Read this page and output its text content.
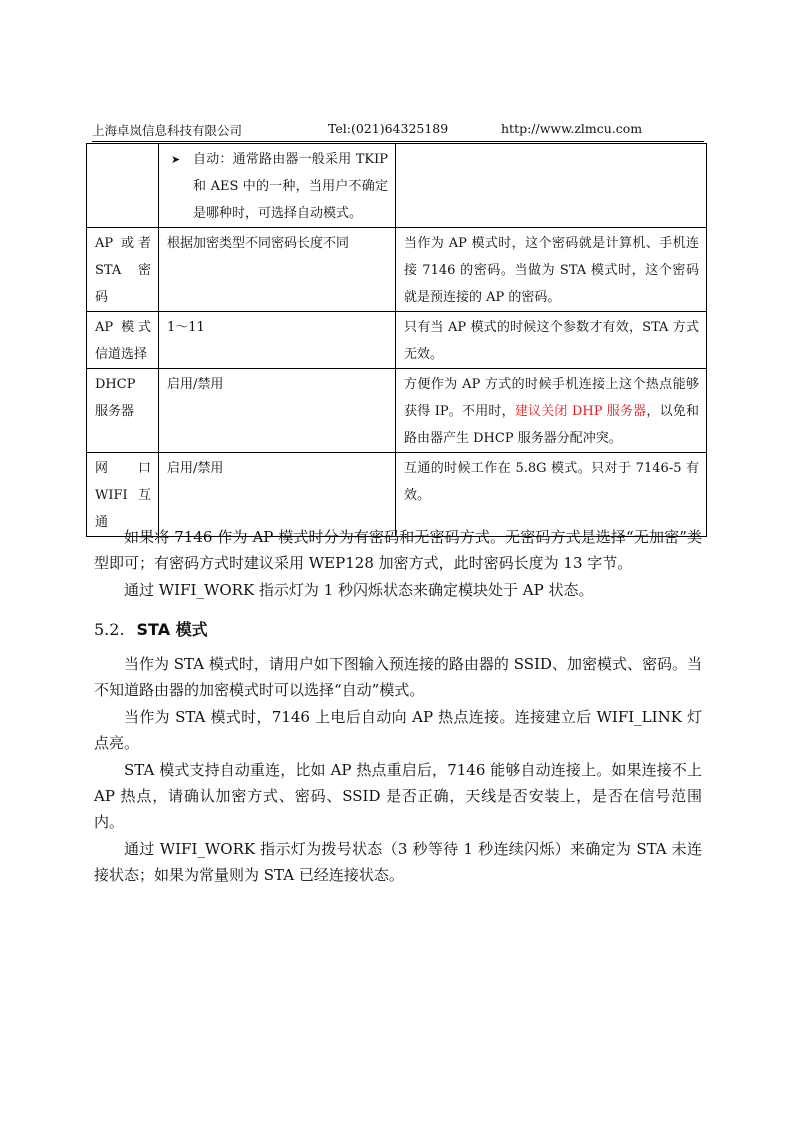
上海卓岚信息科技有限公司	Tel:(021)64325189	http://www.zlmcu.com

	➤ 自动：通常路由器一般采用 TKIP 和 AES 中的一种，当用户不确定是哪种时，可选择自动模式。	

AP 或者 STA 密码	根据加密类型不同密码长度不同	当作为 AP 模式时，这个密码就是计算机、手机连接 7146 的密码。当做为 STA 模式时，这个密码就是预连接的 AP 的密码。
AP 模式信道选择	1～11	只有当 AP 模式的时候这个参数才有效，STA 方式无效。
DHCP 服务器	启用/禁用	方便作为 AP 方式的时候手机连接上这个热点能够获得 IP。不用时，建议关闭 DHP 服务器，以免和路由器产生 DHCP 服务器分配冲突。

网 口
WIFI 互
通	启用/禁用	互通的时候工作在 5.8G 模式。只对于 7146-5 有效。

如果将 7146 作为 AP 模式时分为有密码和无密码方式。无密码方式是选择“无加密”类型即可；有密码方式时建议采用 WEP128 加密方式，此时密码长度为 13 字节。

通过 WIFI_WORK 指示灯为 1 秒闪烁状态来确定模块处于 AP 状态。

5.2. STA 模式

当作为 STA 模式时，请用户如下图输入预连接的路由器的 SSID、加密模式、密码。当不知道路由器的加密模式时可以选择“自动”模式。

当作为 STA 模式时，7146 上电后自动向 AP 热点连接。连接建立后 WIFI_LINK 灯点亮。

STA 模式支持自动重连，比如 AP 热点重启后，7146 能够自动连接上。如果连接不上 AP 热点，请确认加密方式、密码、SSID 是否正确，天线是否安装上，是否在信号范围内。

通过 WIFI_WORK 指示灯为拨号状态（3 秒等待 1 秒连续闪烁）来确定为 STA 未连接状态；如果为常量则为 STA 已经连接状态。
